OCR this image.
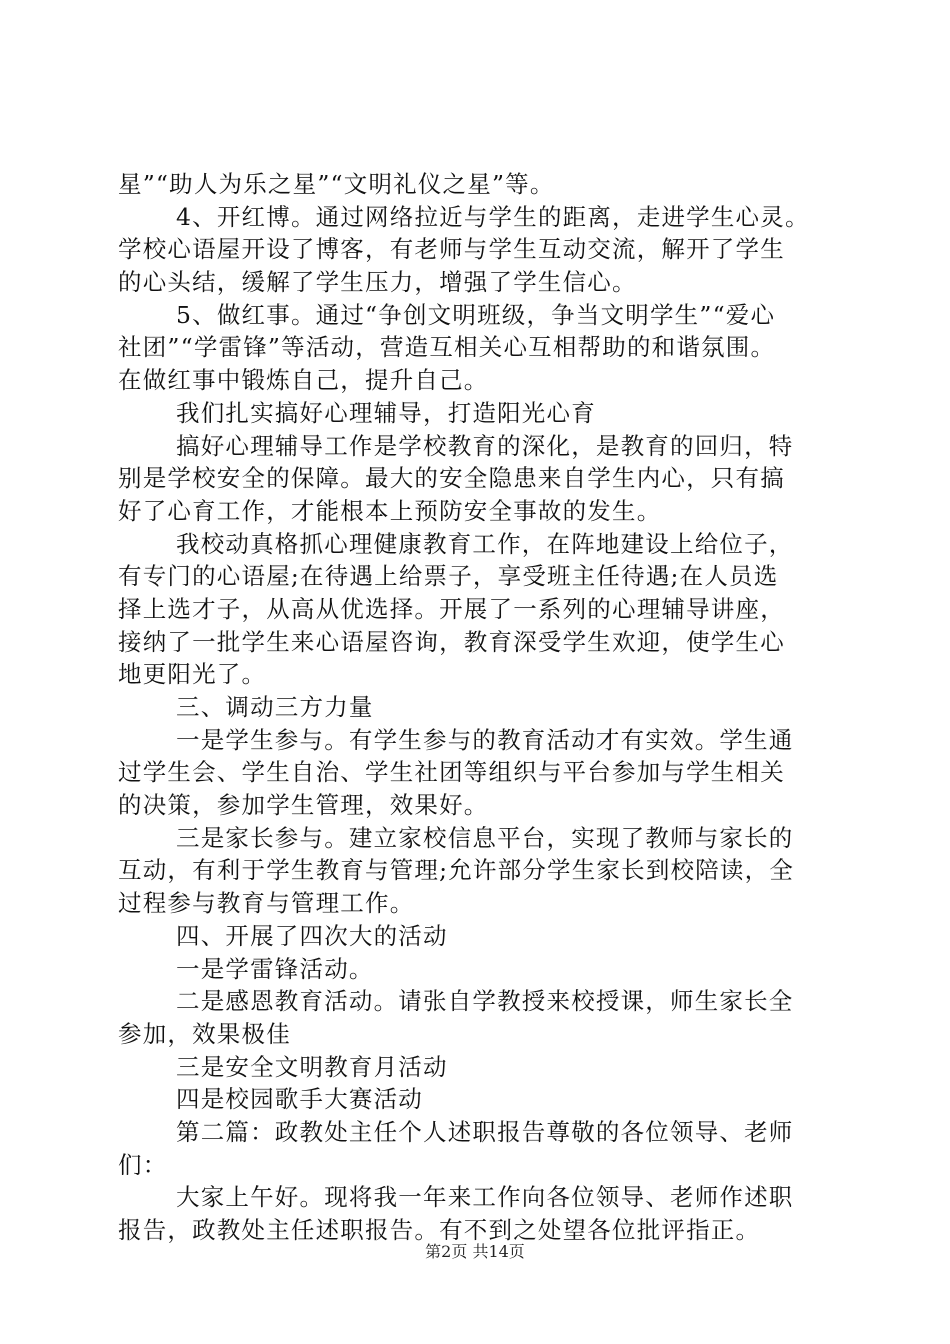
星”“助人为乐之星”“文明礼仪之星”等。
4、开红博。通过网络拉近与学生的距离，走进学生心灵。
学校心语屋开设了博客，有老师与学生互动交流，解开了学生
的心头结，缓解了学生压力，增强了学生信心。
5、做红事。通过“争创文明班级，争当文明学生”“爱心
社团”“学雷锋”等活动，营造互相关心互相帮助的和谐氛围。
在做红事中锻炼自己，提升自己。
我们扎实搞好心理辅导，打造阳光心育
搞好心理辅导工作是学校教育的深化，是教育的回归，特
别是学校安全的保障。最大的安全隐患来自学生内心，只有搞
好了心育工作，才能根本上预防安全事故的发生。
我校动真格抓心理健康教育工作，在阵地建设上给位子，
有专门的心语屋;在待遇上给票子，享受班主任待遇;在人员选
择上选才子，从高从优选择。开展了一系列的心理辅导讲座，
接纳了一批学生来心语屋咨询，教育深受学生欢迎，使学生心
地更阳光了。
三、调动三方力量
一是学生参与。有学生参与的教育活动才有实效。学生通
过学生会、学生自治、学生社团等组织与平台参加与学生相关
的决策，参加学生管理，效果好。
三是家长参与。建立家校信息平台，实现了教师与家长的
互动，有利于学生教育与管理;允许部分学生家长到校陪读，全
过程参与教育与管理工作。
四、开展了四次大的活动
一是学雷锋活动。
二是感恩教育活动。请张自学教授来校授课，师生家长全
参加，效果极佳
三是安全文明教育月活动
四是校园歌手大赛活动
第二篇：政教处主任个人述职报告尊敬的各位领导、老师
们：
大家上午好。现将我一年来工作向各位领导、老师作述职
报告，政教处主任述职报告。有不到之处望各位批评指正。
第2页 共14页
